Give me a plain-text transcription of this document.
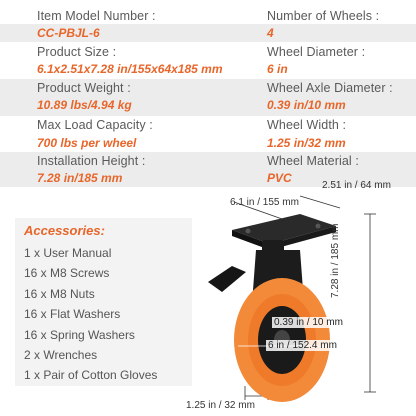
Item Model Number :	Number of Wheels :
CC-PBJL-6	4
Product Size :	Wheel Diameter :
6.1x2.51x7.28 in/155x64x185 mm	6 in
Product Weight :	Wheel Axle Diameter :
10.89 lbs/4.94 kg	0.39 in/10 mm
Max Load Capacity :	Wheel Width :
700 lbs per wheel	1.25 in/32 mm
Installation Height :	Wheel Material :
7.28 in/185 mm	PVC
Accessories:
1 x User Manual
16 x M8 Screws
16 x M8 Nuts
16 x Flat Washers
16 x Spring Washers
2 x Wrenches
1 x Pair of Cotton Gloves
6.1 in / 155 mm
2.51 in / 64 mm
7.28 in / 185 mm
0.39 in / 10 mm
6 in / 152.4 mm
1.25 in / 32 mm
